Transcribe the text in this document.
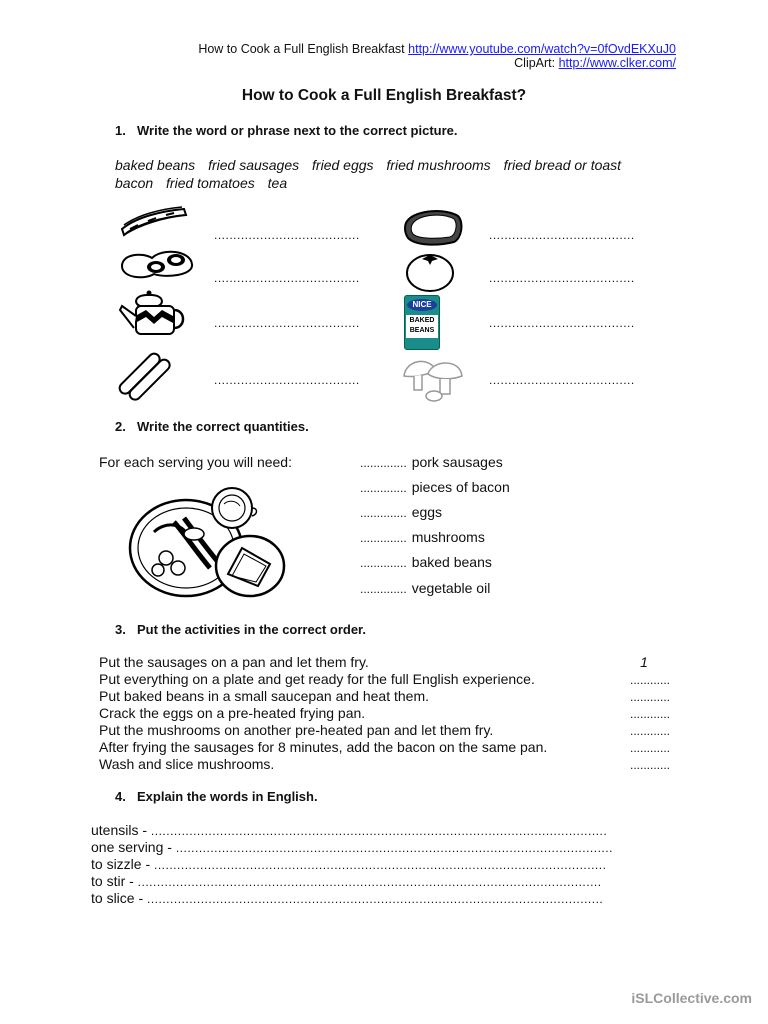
How to Cook a Full English Breakfast http://www.youtube.com/watch?v=0fOvdEKXuJ0
ClipArt: http://www.clker.com/
How to Cook a Full English Breakfast?
1. Write the word or phrase next to the correct picture.
baked beans fried sausages fried eggs fried mushrooms fried bread or toast
bacon fried tomatoes tea
......................................
......................................
......................................
......................................
NICE
BAKED BEANS
......................................
......................................
......................................
......................................
2. Write the correct quantities.
For each serving you will need:	.............. pork sausages
.............. pieces of bacon
.............. eggs
.............. mushrooms
.............. baked beans
.............. vegetable oil
3. Put the activities in the correct order.
Put the sausages on a pan and let them fry.
Put everything on a plate and get ready for the full English experience.
Put baked beans in a small saucepan and heat them.
Crack the eggs on a pre-heated frying pan.
Put the mushrooms on another pre-heated pan and let them fry.
After frying the sausages for 8 minutes, add the bacon on the same pan.
Wash and slice mushrooms.
1
............
............
............
............
............
............
4. Explain the words in English.
utensils - .......................................................................................................................
one serving - ..................................................................................................................
to sizzle - ......................................................................................................................
to stir - .........................................................................................................................
to slice - .......................................................................................................................
iSLCollective.com
